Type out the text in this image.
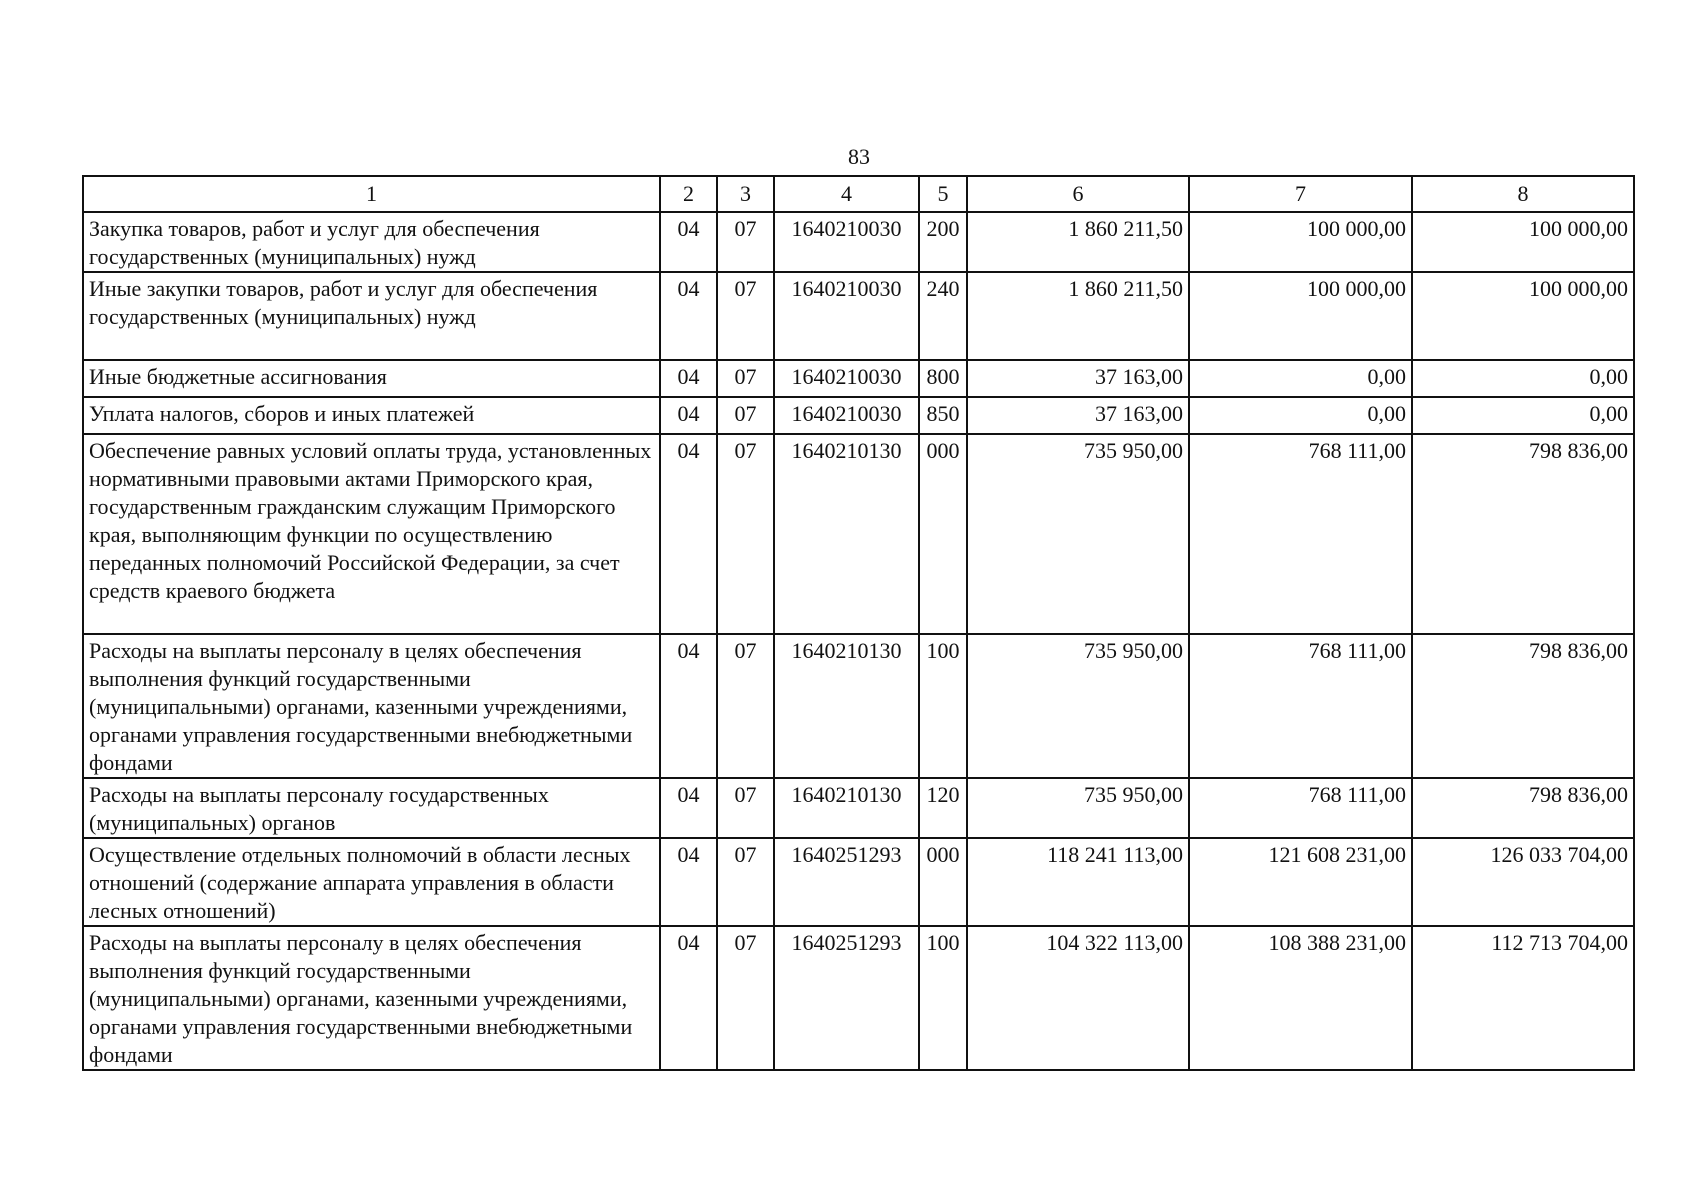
83
1	2	3	4	5	6	7	8
Закупка товаров, работ и услуг для обеспечения государственных (муниципальных) нужд	04	07	1640210030	200	1 860 211,50	100 000,00	100 000,00
Иные закупки товаров, работ и услуг для обеспечения государственных (муниципальных) нужд	04	07	1640210030	240	1 860 211,50	100 000,00	100 000,00
Иные бюджетные ассигнования	04	07	1640210030	800	37 163,00	0,00	0,00
Уплата налогов, сборов и иных платежей	04	07	1640210030	850	37 163,00	0,00	0,00
Обеспечение равных условий оплаты труда, установленных нормативными правовыми актами Приморского края, государственным гражданским служащим Приморского края, выполняющим функции по осуществлению переданных полномочий Российской Федерации, за счет средств краевого бюджета	04	07	1640210130	000	735 950,00	768 111,00	798 836,00
Расходы на выплаты персоналу в целях обеспечения выполнения функций государственными (муниципальными) органами, казенными учреждениями, органами управления государственными внебюджетными фондами	04	07	1640210130	100	735 950,00	768 111,00	798 836,00
Расходы на выплаты персоналу государственных (муниципальных) органов	04	07	1640210130	120	735 950,00	768 111,00	798 836,00
Осуществление отдельных полномочий в области лесных отношений (содержание аппарата управления в области лесных отношений)	04	07	1640251293	000	118 241 113,00	121 608 231,00	126 033 704,00
Расходы на выплаты персоналу в целях обеспечения выполнения функций государственными (муниципальными) органами, казенными учреждениями, органами управления государственными внебюджетными фондами	04	07	1640251293	100	104 322 113,00	108 388 231,00	112 713 704,00
